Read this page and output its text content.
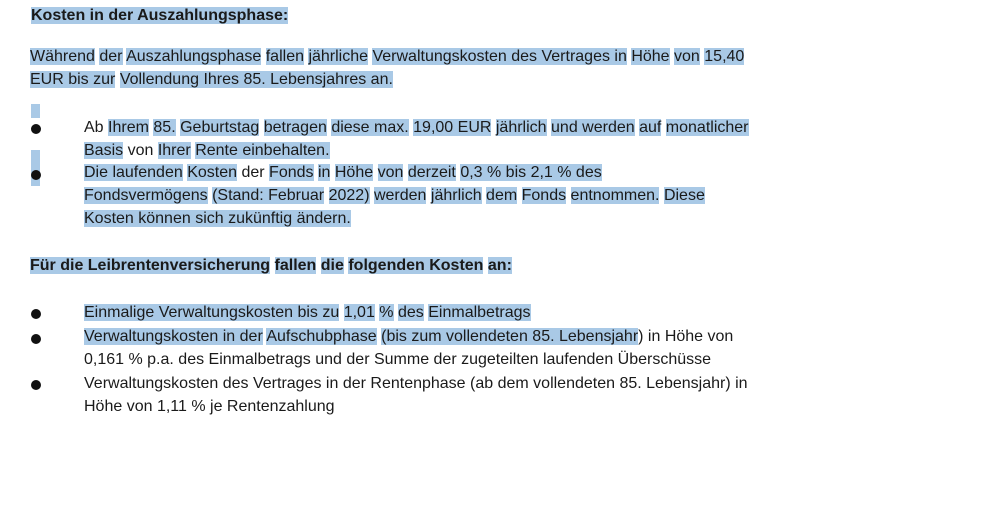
Kosten in der Auszahlungsphase:
Während der Auszahlungsphase fallen jährliche Verwaltungskosten des Vertrages in Höhe von 15,40
EUR bis zur Vollendung Ihres 85. Lebensjahres an.
Ab Ihrem 85. Geburtstag betragen diese max. 19,00 EUR jährlich und werden auf monatlicher
Basis von Ihrer Rente einbehalten.
Die laufenden Kosten der Fonds in Höhe von derzeit 0,3 % bis 2,1 % des
Fondsvermögens (Stand: Februar 2022) werden jährlich dem Fonds entnommen. Diese
Kosten können sich zukünftig ändern.
Für die Leibrentenversicherung fallen die folgenden Kosten an:
Einmalige Verwaltungskosten bis zu 1,01 % des Einmalbetrags
Verwaltungskosten in der Aufschubphase (bis zum vollendeten 85. Lebensjahr) in Höhe von
0,161 % p.a. des Einmalbetrags und der Summe der zugeteilten laufenden Überschüsse
Verwaltungskosten des Vertrages in der Rentenphase (ab dem vollendeten 85. Lebensjahr) in
Höhe von 1,11 % je Rentenzahlung
